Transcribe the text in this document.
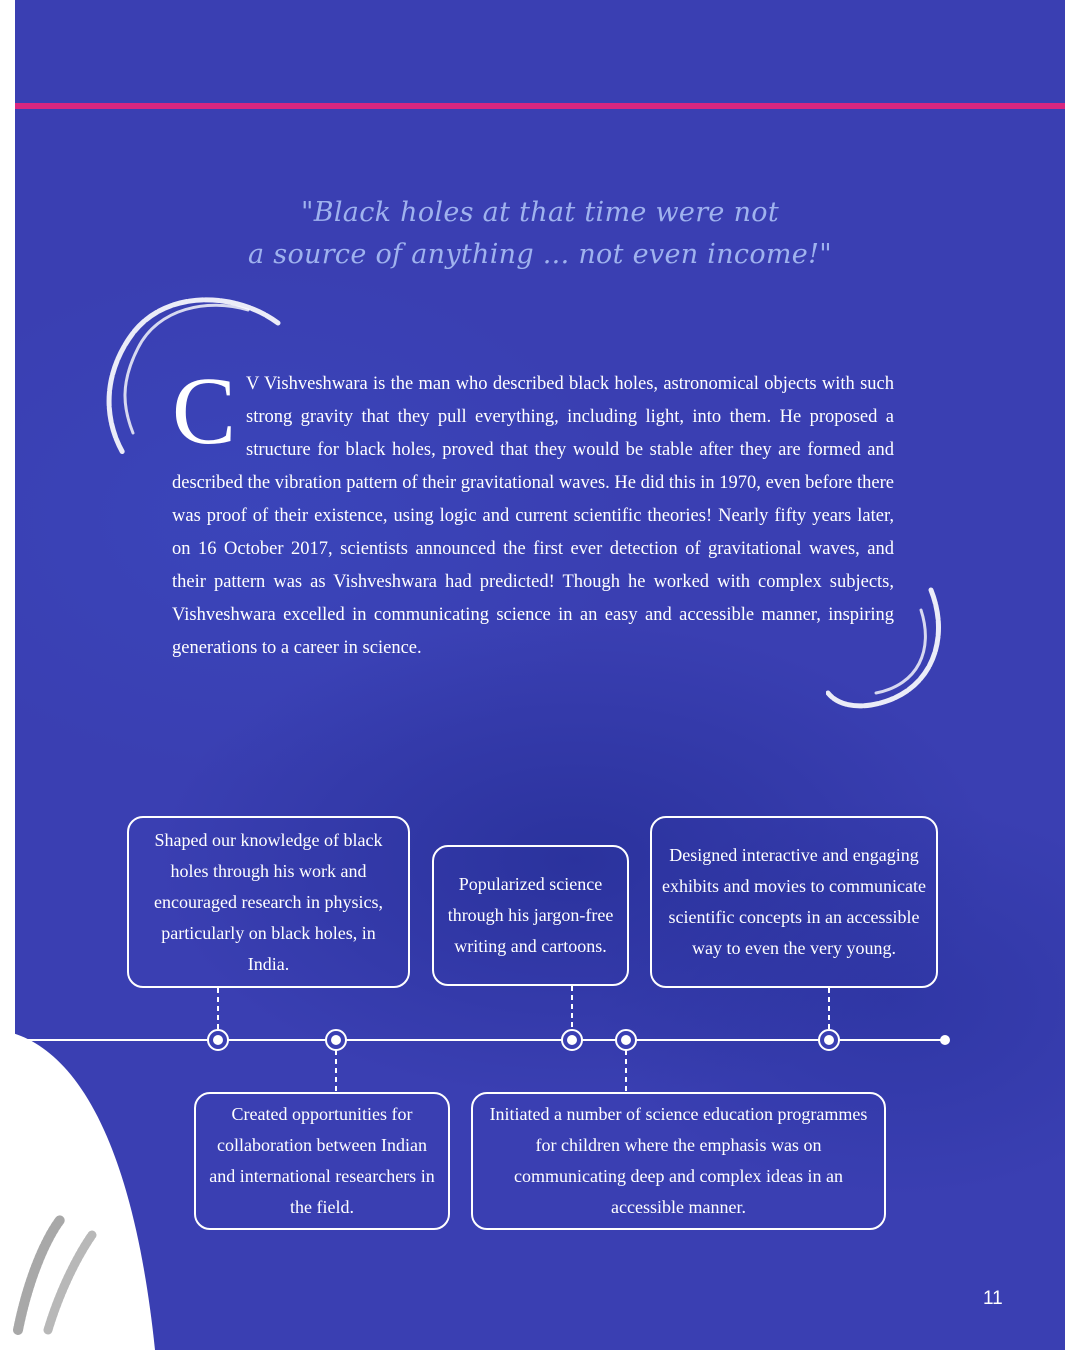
"Black holes at that time were not
a source of anything ... not even income!"

C V Vishveshwara is the man who described black holes, astronomical objects with such strong gravity that they pull everything, including light, into them. He proposed a structure for black holes, proved that they would be stable after they are formed and described the vibration pattern of their gravitational waves. He did this in 1970, even before there was proof of their existence, using logic and current scientific theories! Nearly fifty years later, on 16 October 2017, scientists announced the first ever detection of gravitational waves, and their pattern was as Vishveshwara had predicted! Though he worked with complex subjects, Vishveshwara excelled in communicating science in an easy and accessible manner, inspiring generations to a career in science.

Shaped our knowledge of black holes through his work and encouraged research in physics, particularly on black holes, in India.
Popularized science through his jargon-free writing and cartoons.
Designed interactive and engaging exhibits and movies to communicate scientific concepts in an accessible way to even the very young.
Created opportunities for collaboration between Indian and international researchers in the field.
Initiated a number of science education programmes for children where the emphasis was on communicating deep and complex ideas in an accessible manner.
11
